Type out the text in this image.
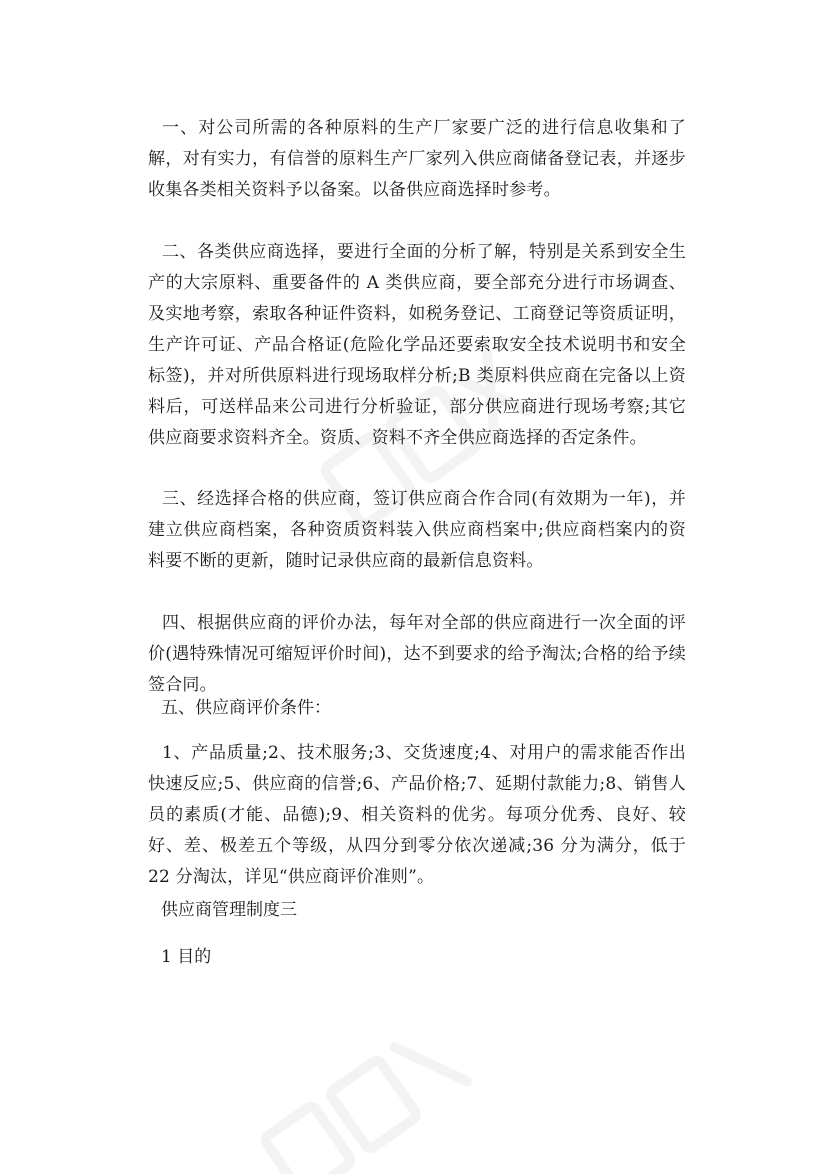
一、对公司所需的各种原料的生产厂家要广泛的进行信息收集和了解，对有实力，有信誉的原料生产厂家列入供应商储备登记表，并逐步收集各类相关资料予以备案。以备供应商选择时参考。

二、各类供应商选择，要进行全面的分析了解，特别是关系到安全生产的大宗原料、重要备件的 A 类供应商，要全部充分进行市场调查、及实地考察，索取各种证件资料，如税务登记、工商登记等资质证明，生产许可证、产品合格证(危险化学品还要索取安全技术说明书和安全标签)，并对所供原料进行现场取样分析;B 类原料供应商在完备以上资料后，可送样品来公司进行分析验证，部分供应商进行现场考察;其它供应商要求资料齐全。资质、资料不齐全供应商选择的否定条件。

三、经选择合格的供应商，签订供应商合作合同(有效期为一年)，并建立供应商档案，各种资质资料装入供应商档案中;供应商档案内的资料要不断的更新，随时记录供应商的最新信息资料。

四、根据供应商的评价办法，每年对全部的供应商进行一次全面的评价(遇特殊情况可缩短评价时间)，达不到要求的给予淘汰;合格的给予续签合同。

五、供应商评价条件：

1、产品质量;2、技术服务;3、交货速度;4、对用户的需求能否作出快速反应;5、供应商的信誉;6、产品价格;7、延期付款能力;8、销售人员的素质(才能、品德);9、相关资料的优劣。每项分优秀、良好、较好、差、极差五个等级，从四分到零分依次递减;36 分为满分，低于 22 分淘汰，详见“供应商评价准则”。

供应商管理制度三

1 目的
